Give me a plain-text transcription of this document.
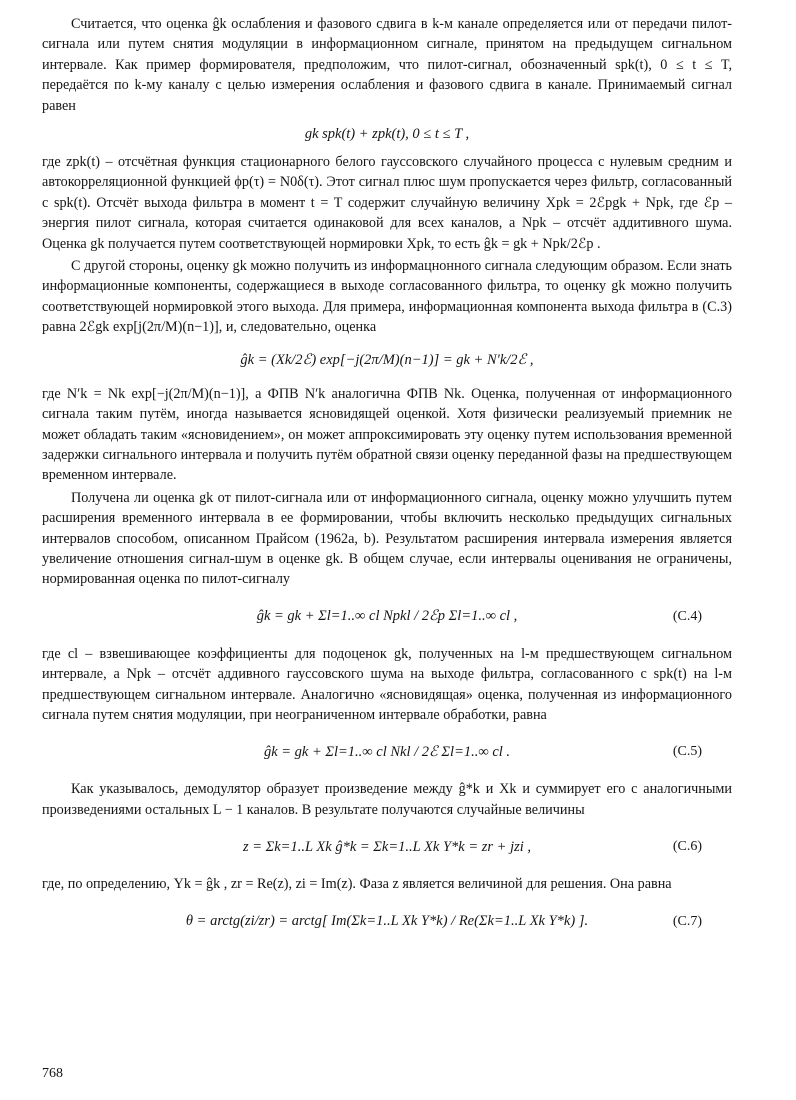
Считается, что оценка ĝk ослабления и фазового сдвига в k-м канале определяется или от передачи пилот-сигнала или путем снятия модуляции в информационном сигнале, принятом на предыдущем сигнальном интервале. Как пример формирователя, предположим, что пилот-сигнал, обозначенный spk(t), 0 ≤ t ≤ T, передаётся по k-му каналу с целью измерения ослабления и фазового сдвига в канале. Принимаемый сигнал равен

gk spk(t) + zpk(t), 0 ≤ t ≤ T ,

где zpk(t) – отсчётная функция стационарного белого гауссовского случайного процесса с нулевым средним и автокорреляционной функцией ϕp(τ) = N0δ(τ). Этот сигнал плюс шум пропускается через фильтр, согласованный с spk(t). Отсчёт выхода фильтра в момент t = T содержит случайную величину Xpk = 2ℰpgk + Npk, где ℰp – энергия пилот сигнала, которая считается одинаковой для всех каналов, а Npk – отсчёт аддитивного шума. Оценка gk получается путем соответствующей нормировки Xpk, то есть ĝk = gk + Npk/2ℰp .

С другой стороны, оценку gk можно получить из информацнонного сигнала следующим образом. Если знать информационные компоненты, содержащиеся в выходе согласованного фильтра, то оценку gk можно получить соответствующей нормировкой этого выхода. Для примера, информационная компонента выхода фильтра в (С.3) равна 2ℰgk exp[j(2π/M)(n−1)], и, следовательно, оценка

ĝk = (Xk/2ℰ) exp[−j(2π/M)(n−1)] = gk + N′k/2ℰ ,

где N′k = Nk exp[−j(2π/M)(n−1)], а ФПВ N′k аналогична ФПВ Nk. Оценка, полученная от информационного сигнала таким путём, иногда называется ясновидящей оценкой. Хотя физически реализуемый приемник не может обладать таким «ясновидением», он может аппроксимировать эту оценку путем использования временной задержки сигнального интервала и получить путём обратной связи оценку переданной фазы на предшествующем временном интервале.

Получена ли оценка gk от пилот-сигнала или от информационного сигнала, оценку можно улучшить путем расширения временного интервала в ее формировании, чтобы включить несколько предыдущих сигнальных интервалов способом, описанном Прайсом (1962a, b). Результатом расширения интервала измерения является увеличение отношения сигнал-шум в оценке gk. В общем случае, если интервалы оценивания не ограничены, нормированная оценка по пилот-сигналу

ĝk = gk + Σl=1..∞ cl Npkl / 2ℰp Σl=1..∞ cl ,	(С.4)

где cl – взвешивающее коэффициенты для подоценок gk, полученных на l-м предшествующем сигнальном интервале, а Npk – отсчёт аддивного гауссовского шума на выходе фильтра, согласованного с spk(t) на l-м предшествующем сигнальном интервале. Аналогично «ясновидящая» оценка, полученная из информационного сигнала путем снятия модуляции, при неограниченном интервале обработки, равна

ĝk = gk + Σl=1..∞ cl Nkl / 2ℰ Σl=1..∞ cl .	(С.5)

Как указывалось, демодулятор образует произведение между ĝ*k и Xk и суммирует его с аналогичными произведениями остальных L − 1 каналов. В результате получаются случайные величины

z = Σk=1..L Xk ĝ*k = Σk=1..L Xk Y*k = zr + jzi ,	(С.6)

где, по определению, Yk = ĝk , zr = Re(z), zi = Im(z). Фаза z является величиной для решения. Она равна

θ = arctg(zi/zr) = arctg[ Im(Σk=1..L Xk Y*k) / Re(Σk=1..L Xk Y*k) ].	(С.7)
768
